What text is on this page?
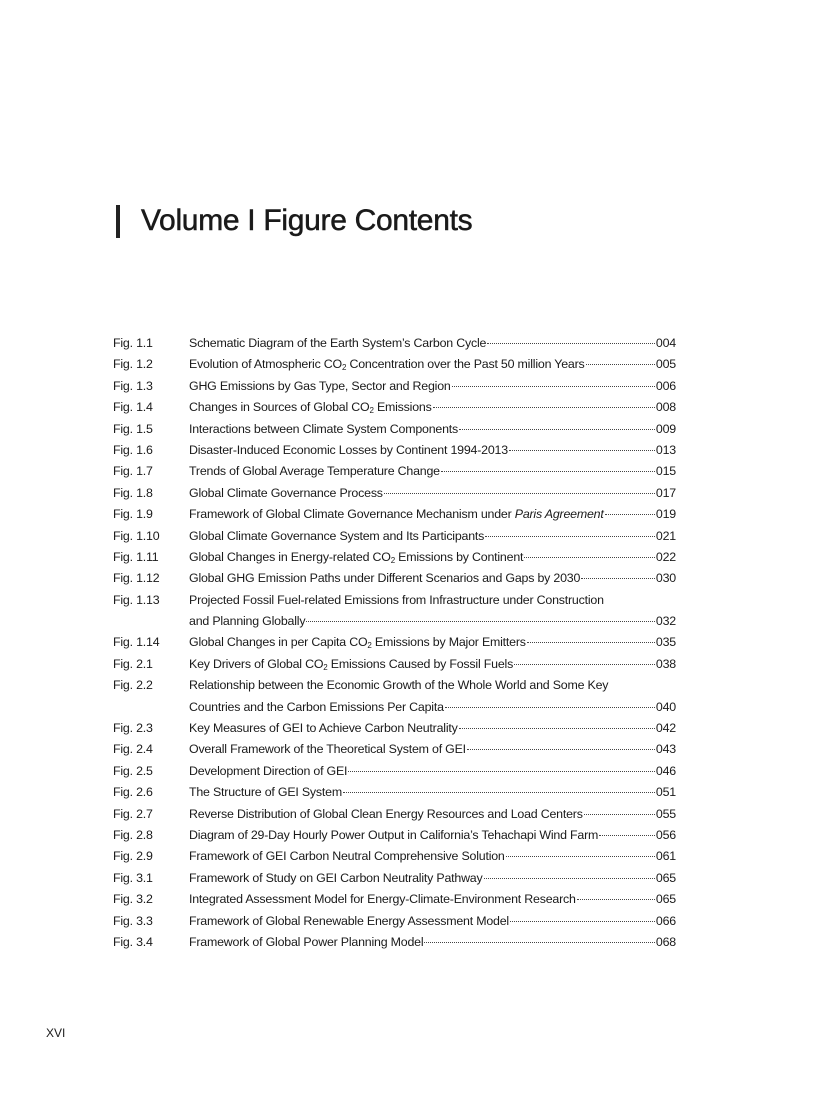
Volume I Figure Contents
Fig. 1.1	Schematic Diagram of the Earth System’s Carbon Cycle	004
Fig. 1.2	Evolution of Atmospheric $CO_2$ Concentration over the Past 50 million Years	005
Fig. 1.3	GHG Emissions by Gas Type, Sector and Region	006
Fig. 1.4	Changes in Sources of Global $CO_2$ Emissions	008
Fig. 1.5	Interactions between Climate System Components	009
Fig. 1.6	Disaster-Induced Economic Losses by Continent 1994-2013	013
Fig. 1.7	Trends of Global Average Temperature Change	015
Fig. 1.8	Global Climate Governance Process	017
Fig. 1.9	Framework of Global Climate Governance Mechanism under Paris Agreement	019
Fig. 1.10	Global Climate Governance System and Its Participants	021
Fig. 1.11	Global Changes in Energy-related $CO_2$ Emissions by Continent	022
Fig. 1.12	Global GHG Emission Paths under Different Scenarios and Gaps by 2030	030
Fig. 1.13	Projected Fossil Fuel-related Emissions from Infrastructure under Construction
and Planning Globally	032
Fig. 1.14	Global Changes in per Capita $CO_2$ Emissions by Major Emitters	035
Fig. 2.1	Key Drivers of Global $CO_2$ Emissions Caused by Fossil Fuels	038
Fig. 2.2	Relationship between the Economic Growth of the Whole World and Some Key
Countries and the Carbon Emissions Per Capita	040
Fig. 2.3	Key Measures of GEI to Achieve Carbon Neutrality	042
Fig. 2.4	Overall Framework of the Theoretical System of GEI	043
Fig. 2.5	Development Direction of GEI	046
Fig. 2.6	The Structure of GEI System	051
Fig. 2.7	Reverse Distribution of Global Clean Energy Resources and Load Centers	055
Fig. 2.8	Diagram of 29-Day Hourly Power Output in California’s Tehachapi Wind Farm	056
Fig. 2.9	Framework of GEI Carbon Neutral Comprehensive Solution	061
Fig. 3.1	Framework of Study on GEI Carbon Neutrality Pathway	065
Fig. 3.2	Integrated Assessment Model for Energy-Climate-Environment Research	065
Fig. 3.3	Framework of Global Renewable Energy Assessment Model	066
Fig. 3.4	Framework of Global Power Planning Model	068
XVI
